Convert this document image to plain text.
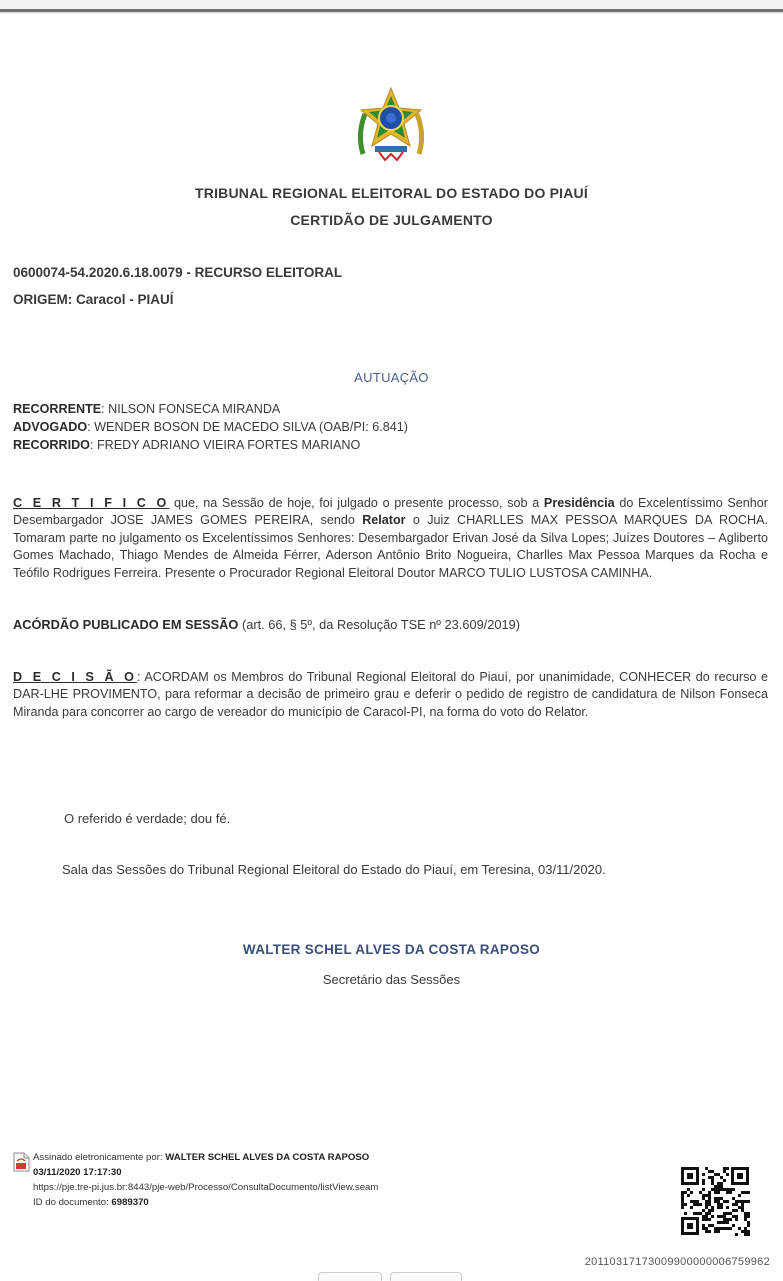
TRIBUNAL REGIONAL ELEITORAL DO ESTADO DO PIAUÍ
CERTIDÃO DE JULGAMENTO
0600074-54.2020.6.18.0079 - RECURSO ELEITORAL
ORIGEM: Caracol - PIAUÍ
AUTUAÇÃO
RECORRENTE: NILSON FONSECA MIRANDA
ADVOGADO: WENDER BOSON DE MACEDO SILVA (OAB/PI: 6.841)
RECORRIDO: FREDY ADRIANO VIEIRA FORTES MARIANO
C E R T I F I C O que, na Sessão de hoje, foi julgado o presente processo, sob a Presidência do Excelentíssimo Senhor Desembargador JOSE JAMES GOMES PEREIRA, sendo Relator o Juiz CHARLLES MAX PESSOA MARQUES DA ROCHA. Tomaram parte no julgamento os Excelentíssimos Senhores: Desembargador Erivan José da Silva Lopes; Juízes Doutores – Agliberto Gomes Machado, Thiago Mendes de Almeida Férrer, Aderson Antônio Brito Nogueira, Charlles Max Pessoa Marques da Rocha e Teófilo Rodrigues Ferreira. Presente o Procurador Regional Eleitoral Doutor MARCO TULIO LUSTOSA CAMINHA.
ACÓRDÃO PUBLICADO EM SESSÃO (art. 66, § 5º, da Resolução TSE nº 23.609/2019)
D E C I S Ã O: ACORDAM os Membros do Tribunal Regional Eleitoral do Piauí, por unanimidade, CONHECER do recurso e DAR-LHE PROVIMENTO, para reformar a decisão de primeiro grau e deferir o pedido de registro de candidatura de Nilson Fonseca Miranda para concorrer ao cargo de vereador do município de Caracol-PI, na forma do voto do Relator.
O referido é verdade; dou fé.
Sala das Sessões do Tribunal Regional Eleitoral do Estado do Piauí, em Teresina, 03/11/2020.
WALTER SCHEL ALVES DA COSTA RAPOSO
Secretário das Sessões
Assinado eletronicamente por: WALTER SCHEL ALVES DA COSTA RAPOSO
03/11/2020 17:17:30
https://pje.tre-pi.jus.br:8443/pje-web/Processo/ConsultaDocumento/listView.seam
ID do documento: 6989370
20110317173009900000006759962
